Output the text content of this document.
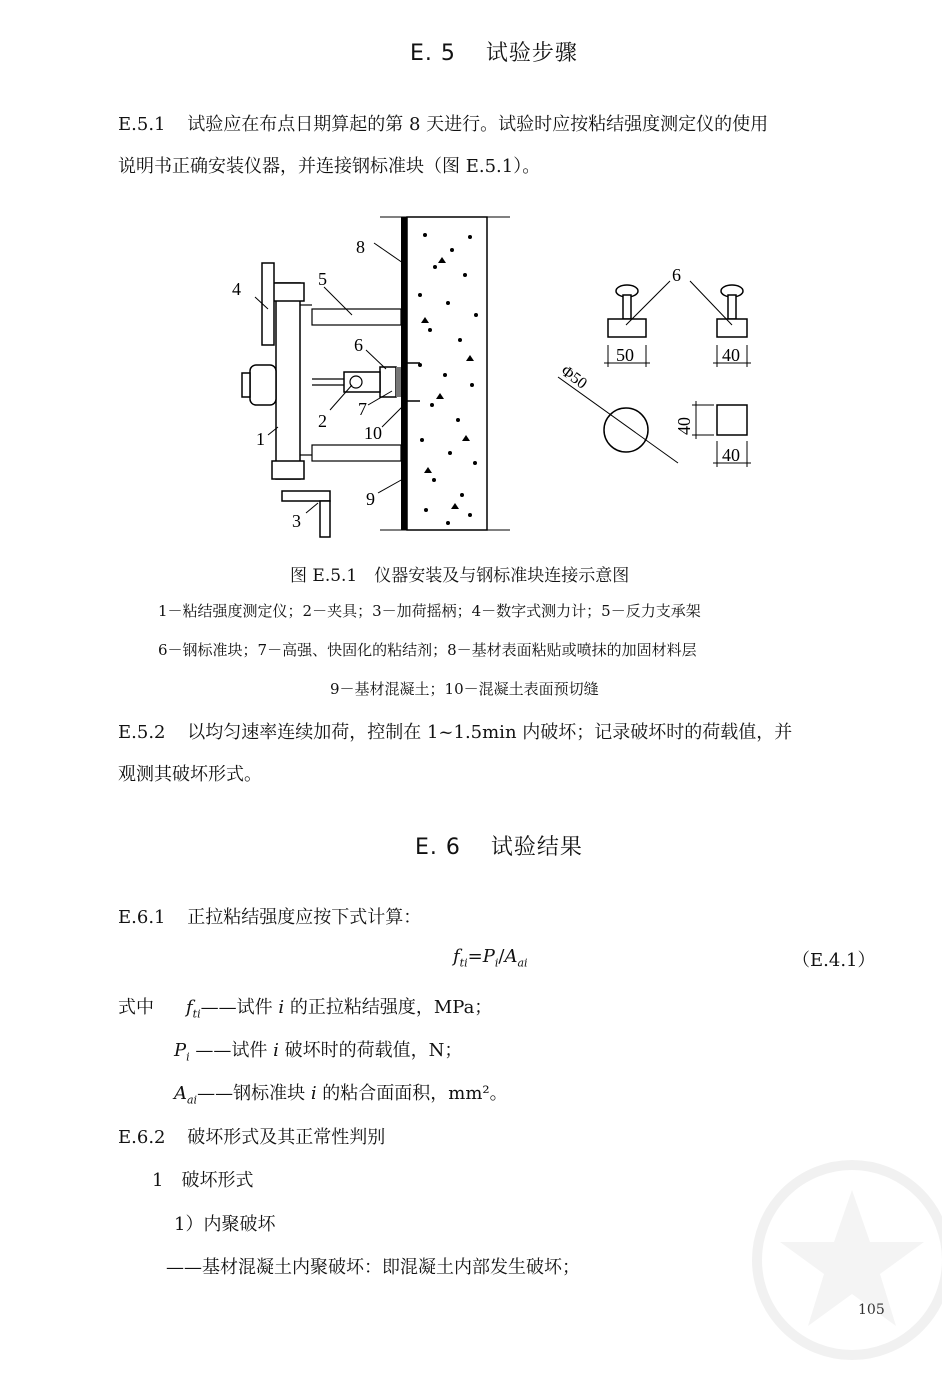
E. 5 试验步骤
E.5.1 试验应在布点日期算起的第 8 天进行。试验时应按粘结强度测定仪的使用
说明书正确安装仪器，并连接钢标准块（图 E.5.1）。
4	5
6
2
7
10
1
8
9
3
6
50	40
Φ50
40
40
图 E.5.1　仪器安装及与钢标准块连接示意图
1－粘结强度测定仪；2－夹具；3－加荷摇柄；4－数字式测力计；5－反力支承架
6－钢标准块；7－高强、快固化的粘结剂；8－基材表面粘贴或喷抹的加固材料层
9－基材混凝土；10－混凝土表面预切缝
E.5.2 以均匀速率连续加荷，控制在 1~1.5min 内破坏；记录破坏时的荷载值，并
观测其破坏形式。
E. 6 试验结果
E.6.1 正拉粘结强度应按下式计算：
$f_{ti}=P_i/A_{ai}$	（E.4.1）
式中 $f_{ti}——$试件 i 的正拉粘结强度，MPa；
$P_i$ ——试件 i 破坏时的荷载值，N；
$A_{ai}——$钢标准块 i 的粘合面面积，mm²。
E.6.2 破坏形式及其正常性判别
1　破坏形式
1）内聚破坏
——基材混凝土内聚破坏：即混凝土内部发生破坏；
105
